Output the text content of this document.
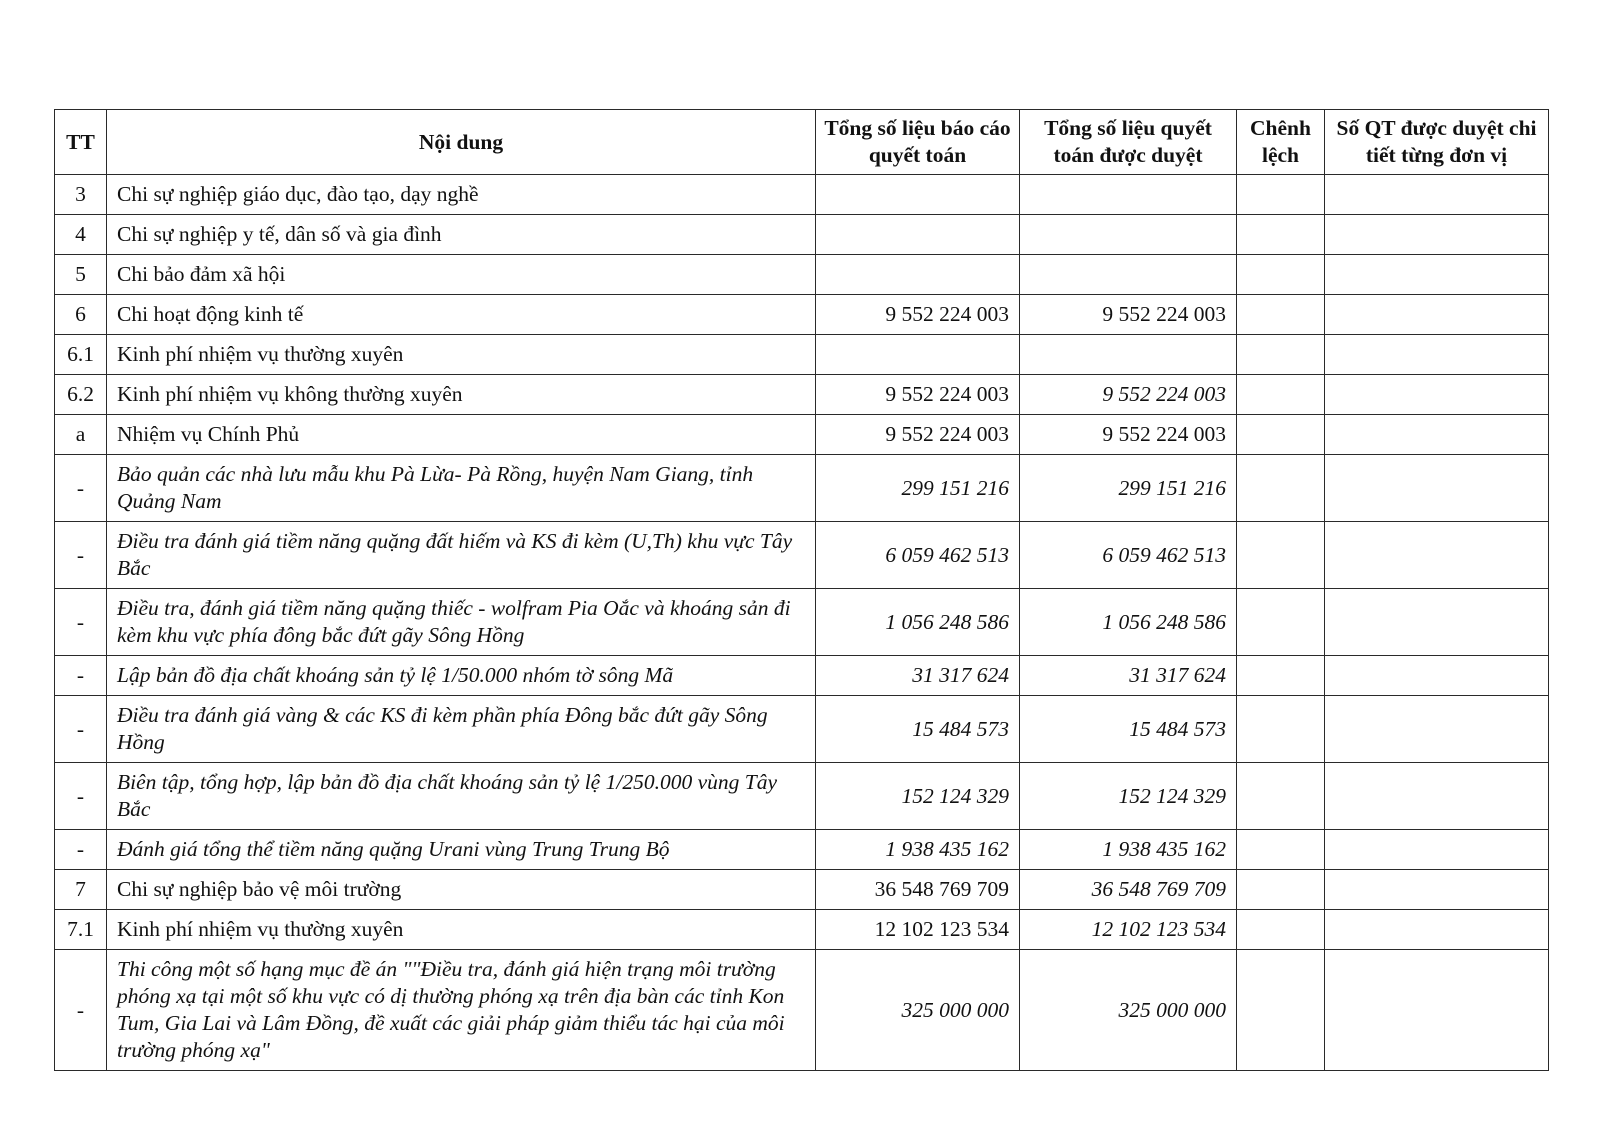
TT	Nội dung	Tổng số liệu báo cáo quyết toán	Tổng số liệu quyết toán được duyệt	Chênh lệch	Số QT được duyệt chi tiết từng đơn vị
3	Chi sự nghiệp giáo dục, đào tạo, dạy nghề				
4	Chi sự nghiệp y tế, dân số và gia đình				
5	Chi bảo đảm xã hội				
6	Chi hoạt động kinh tế	9 552 224 003	9 552 224 003		
6.1	Kinh phí nhiệm vụ thường xuyên				
6.2	Kinh phí nhiệm vụ không thường xuyên	9 552 224 003	9 552 224 003		
a	Nhiệm vụ Chính Phủ	9 552 224 003	9 552 224 003		
-	Bảo quản các nhà lưu mẫu khu Pà Lừa- Pà Rồng, huyện Nam Giang, tỉnh Quảng Nam	299 151 216	299 151 216		
-	Điều tra đánh giá tiềm năng quặng đất hiếm và KS đi kèm (U,Th) khu vực Tây Bắc	6 059 462 513	6 059 462 513		
-	Điều tra, đánh giá tiềm năng quặng thiếc - wolfram Pia Oắc và khoáng sản đi kèm khu vực phía đông bắc đứt gãy Sông Hồng	1 056 248 586	1 056 248 586		
-	Lập bản đồ địa chất khoáng sản tỷ lệ 1/50.000 nhóm tờ sông Mã	31 317 624	31 317 624		
-	Điều tra đánh giá vàng & các KS đi kèm phần phía Đông bắc đứt gãy Sông Hồng	15 484 573	15 484 573		
-	Biên tập, tổng hợp, lập bản đồ địa chất khoáng sản tỷ lệ 1/250.000 vùng Tây Bắc	152 124 329	152 124 329		
-	Đánh giá tổng thể tiềm năng quặng Urani vùng Trung Trung Bộ	1 938 435 162	1 938 435 162		
7	Chi sự nghiệp bảo vệ môi trường	36 548 769 709	36 548 769 709		
7.1	Kinh phí nhiệm vụ thường xuyên	12 102 123 534	12 102 123 534		
-	Thi công một số hạng mục đề án ""Điều tra, đánh giá hiện trạng môi trường phóng xạ tại một số khu vực có dị thường phóng xạ trên địa bàn các tỉnh Kon Tum, Gia Lai và Lâm Đồng, đề xuất các giải pháp giảm thiểu tác hại của môi trường phóng xạ"	325 000 000	325 000 000		
